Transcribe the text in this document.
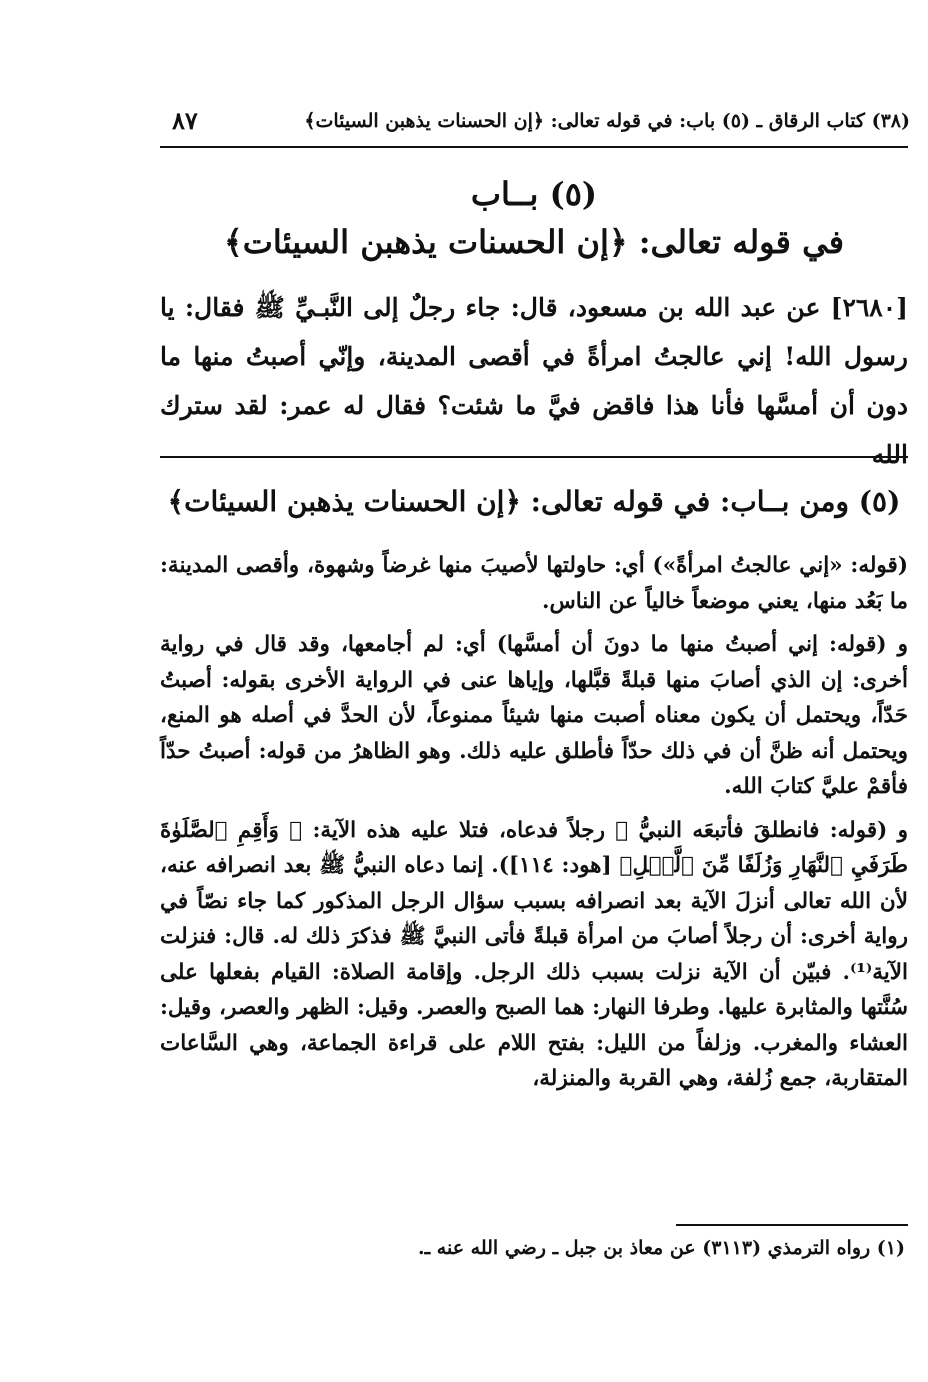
(٣٨) كتاب الرقاق ـ (٥) باب: في قوله تعالى: ﴿إن الحسنات يذهبن السيئات﴾
٨٧
(٥) بــاب
في قوله تعالى: ﴿إن الحسنات يذهبن السيئات﴾

[٢٦٨٠] عن عبد الله بن مسعود، قال: جاء رجلٌ إلى النَّبـيِّ ﷺ فقال: يا رسول الله! إني عالجتُ امرأةً في أقصى المدينة، وإنّي أصبتُ منها ما دون أن أمسَّها فأنا هذا فاقض فيَّ ما شئت؟ فقال له عمر: لقد سترك الله

(٥) ومن بــاب: في قوله تعالى: ﴿إن الحسنات يذهبن السيئات﴾

(قوله: «إني عالجتُ امرأةً») أي: حاولتها لأصيبَ منها غرضاً وشهوة، وأقصى المدينة: ما بَعُد منها، يعني موضعاً خالياً عن الناس.

و (قوله: إني أصبتُ منها ما دونَ أن أمسَّها) أي: لم أجامعها، وقد قال في رواية أخرى: إن الذي أصابَ منها قبلةً قبَّلها، وإياها عنى في الرواية الأخرى بقوله: أصبتُ حَدّاً، ويحتمل أن يكون معناه أصبت منها شيئاً ممنوعاً، لأن الحدَّ في أصله هو المنع، ويحتمل أنه ظنَّ أن في ذلك حدّاً فأطلق عليه ذلك. وهو الظاهرُ من قوله: أصبتُ حدّاً فأقمْ عليَّ كتابَ الله.

و (قوله: فانطلقَ فأتبعَه النبيُّ ﷺ رجلاً فدعاه، فتلا عليه هذه الآية: ﴿ وَأَقِمِ ٱلصَّلَوٰةَ طَرَفَيِ ٱلنَّهَارِ وَزُلَفًا مِّنَ ٱلَّيۡلِ﴾ [هود: ١١٤]). إنما دعاه النبيُّ ﷺ بعد انصرافه عنه، لأن الله تعالى أنزلَ الآية بعد انصرافه بسبب سؤال الرجل المذكور كما جاء نصّاً في رواية أخرى: أن رجلاً أصابَ من امرأة قبلةً فأتى النبيَّ ﷺ فذكرَ ذلك له. قال: فنزلت الآية⁽¹⁾. فبيّن أن الآية نزلت بسبب ذلك الرجل. وإقامة الصلاة: القيام بفعلها على سُنَّتها والمثابرة عليها. وطرفا النهار: هما الصبح والعصر. وقيل: الظهر والعصر، وقيل: العشاء والمغرب. وزلفاً من الليل: بفتح اللام على قراءة الجماعة، وهي السَّاعات المتقاربة، جمع زُلفة، وهي القربة والمنزلة،

(١) رواه الترمذي (٣١١٣) عن معاذ بن جبل ـ رضي الله عنه ـ.
